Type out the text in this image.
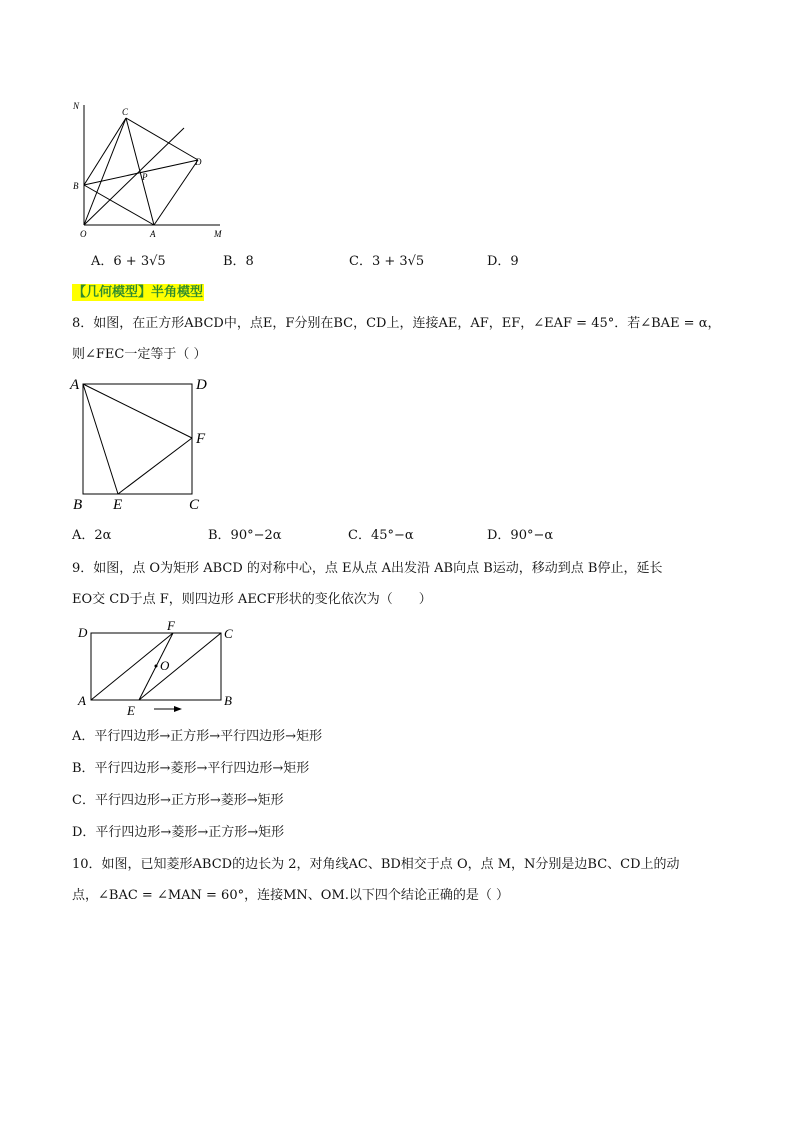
N
C
D
B
P
O	A	M
A．6 + 3√5	B．8	C．3 + 3√5	D．9
【几何模型】半角模型
8．如图，在正方形ABCD中，点E，F分别在BC，CD上，连接AE，AF，EF，∠EAF = 45°．若∠BAE = α，
则∠FEC一定等于（ ）
A	D
F
B E	C
A．2α	B．90°−2α	C．45°−α	D．90°−α
9．如图，点 O为矩形 ABCD 的对称中心，点 E从点 A出发沿 AB向点 B运动，移动到点 B停止，延长
EO交 CD于点 F，则四边形 AECF形状的变化依次为（　　）
D	F
C
O
A
E
B
A．平行四边形→正方形→平行四边形→矩形
B．平行四边形→菱形→平行四边形→矩形
C．平行四边形→正方形→菱形→矩形
D．平行四边形→菱形→正方形→矩形
10．如图，已知菱形ABCD的边长为 2，对角线AC、BD相交于点 O，点 M，N分别是边BC、CD上的动
点，∠BAC = ∠MAN = 60°，连接MN、OM.以下四个结论正确的是（ ）
